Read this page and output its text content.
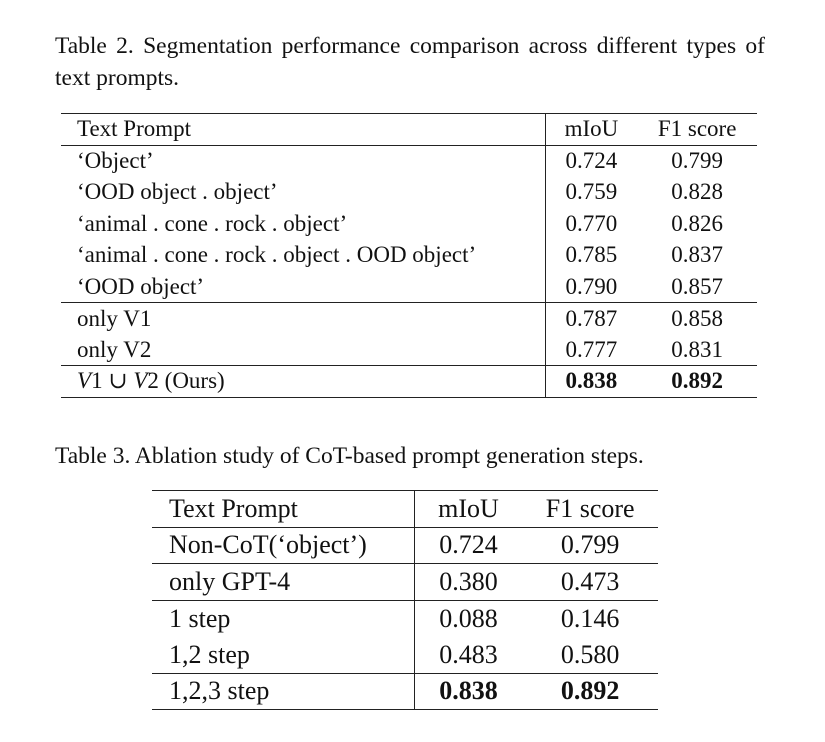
Table 2. Segmentation performance comparison across different types of text prompts.

Text Prompt	mIoU	F1 score
‘Object’	0.724	0.799
‘OOD object . object’	0.759	0.828
‘animal . cone . rock . object’	0.770	0.826
‘animal . cone . rock . object . OOD object’	0.785	0.837
‘OOD object’	0.790	0.857
only V1	0.787	0.858
only V2	0.777	0.831
V1 ∪ V2 (Ours)	0.838	0.892

Table 3. Ablation study of CoT-based prompt generation steps.

Text Prompt	mIoU	F1 score
Non-CoT(‘object’)	0.724	0.799
only GPT-4	0.380	0.473
1 step	0.088	0.146
1,2 step	0.483	0.580
1,2,3 step	0.838	0.892
